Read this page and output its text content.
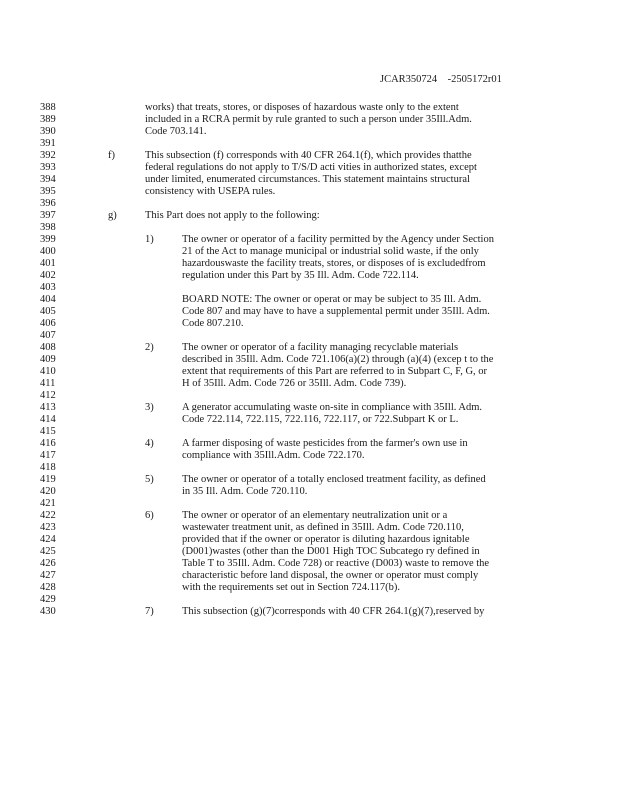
JCAR350724    -2505172r01
388	works) that treats, stores, or disposes of hazardous waste only to the extent
389	included in a RCRA permit by rule granted to such a person under 35Ill.Adm.
390	Code 703.141.
391
392	f)	This subsection (f) corresponds with 40 CFR 264.1(f), which provides thatthe
393	federal regulations do not apply to T/S/D acti vities in authorized states, except
394	under limited, enumerated circumstances. This statement maintains structural
395	consistency with USEPA rules.
396
397	g)	This Part does not apply to the following:
398
399	1)	The owner or operator of a facility permitted by the Agency under Section
400	21 of the Act to manage municipal or industrial solid waste, if the only
401	hazardouswaste the facility treats, stores, or disposes of is excludedfrom
402	regulation under this Part by 35 Ill. Adm. Code 722.114.
403
404	BOARD NOTE: The owner or operat or may be subject to 35 Ill. Adm.
405	Code 807 and may have to have a supplemental permit under 35Ill. Adm.
406	Code 807.210.
407
408	2)	The owner or operator of a facility managing recyclable materials
409	described in 35Ill. Adm. Code 721.106(a)(2) through (a)(4) (excep t to the
410	extent that requirements of this Part are referred to in Subpart C, F, G, or
411	H of 35Ill. Adm. Code 726 or 35Ill. Adm. Code 739).
412
413	3)	A generator accumulating waste on-site in compliance with 35Ill. Adm.
414	Code 722.114, 722.115, 722.116, 722.117, or 722.Subpart K or L.
415
416	4)	A farmer disposing of waste pesticides from the farmer's own use in
417	compliance with 35Ill.Adm. Code 722.170.
418
419	5)	The owner or operator of a totally enclosed treatment facility, as defined
420	in 35 Ill. Adm. Code 720.110.
421
422	6)	The owner or operator of an elementary neutralization unit or a
423	wastewater treatment unit, as defined in 35Ill. Adm. Code 720.110,
424	provided that if the owner or operator is diluting hazardous ignitable
425	(D001)wastes (other than the D001 High TOC Subcatego ry defined in
426	Table T to 35Ill. Adm. Code 728) or reactive (D003) waste to remove the
427	characteristic before land disposal, the owner or operator must comply
428	with the requirements set out in Section 724.117(b).
429
430	7)	This subsection (g)(7)corresponds with 40 CFR 264.1(g)(7),reserved by
